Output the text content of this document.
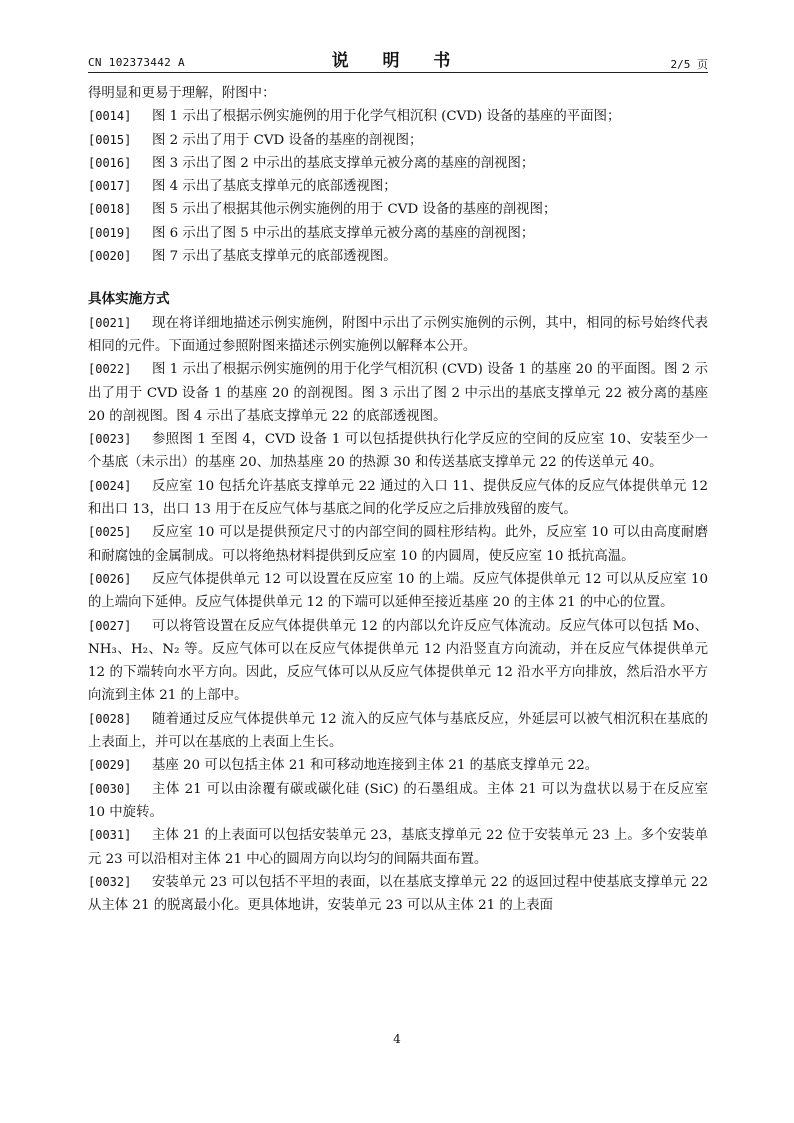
CN 102373442 A	说 明 书	2/5 页
得明显和更易于理解，附图中：
[0014]	图 1 示出了根据示例实施例的用于化学气相沉积 (CVD) 设备的基座的平面图；
[0015]	图 2 示出了用于 CVD 设备的基座的剖视图；
[0016]	图 3 示出了图 2 中示出的基底支撑单元被分离的基座的剖视图；
[0017]	图 4 示出了基底支撑单元的底部透视图；
[0018]	图 5 示出了根据其他示例实施例的用于 CVD 设备的基座的剖视图；
[0019]	图 6 示出了图 5 中示出的基底支撑单元被分离的基座的剖视图；
[0020]	图 7 示出了基底支撑单元的底部透视图。
具体实施方式
[0021]	现在将详细地描述示例实施例，附图中示出了示例实施例的示例，其中，相同的标号始终代表相同的元件。下面通过参照附图来描述示例实施例以解释本公开。
[0022]	图 1 示出了根据示例实施例的用于化学气相沉积 (CVD) 设备 1 的基座 20 的平面图。图 2 示出了用于 CVD 设备 1 的基座 20 的剖视图。图 3 示出了图 2 中示出的基底支撑单元 22 被分离的基座 20 的剖视图。图 4 示出了基底支撑单元 22 的底部透视图。
[0023]	参照图 1 至图 4，CVD 设备 1 可以包括提供执行化学反应的空间的反应室 10、安装至少一个基底（未示出）的基座 20、加热基座 20 的热源 30 和传送基底支撑单元 22 的传送单元 40。
[0024]	反应室 10 包括允许基底支撑单元 22 通过的入口 11、提供反应气体的反应气体提供单元 12 和出口 13，出口 13 用于在反应气体与基底之间的化学反应之后排放残留的废气。
[0025]	反应室 10 可以是提供预定尺寸的内部空间的圆柱形结构。此外，反应室 10 可以由高度耐磨和耐腐蚀的金属制成。可以将绝热材料提供到反应室 10 的内圆周，使反应室 10 抵抗高温。
[0026]	反应气体提供单元 12 可以设置在反应室 10 的上端。反应气体提供单元 12 可以从反应室 10 的上端向下延伸。反应气体提供单元 12 的下端可以延伸至接近基座 20 的主体 21 的中心的位置。
[0027]	可以将管设置在反应气体提供单元 12 的内部以允许反应气体流动。反应气体可以包括 Mo、NH₃、H₂、N₂ 等。反应气体可以在反应气体提供单元 12 内沿竖直方向流动，并在反应气体提供单元 12 的下端转向水平方向。因此，反应气体可以从反应气体提供单元 12 沿水平方向排放，然后沿水平方向流到主体 21 的上部中。
[0028]	随着通过反应气体提供单元 12 流入的反应气体与基底反应，外延层可以被气相沉积在基底的上表面上，并可以在基底的上表面上生长。
[0029]	基座 20 可以包括主体 21 和可移动地连接到主体 21 的基底支撑单元 22。
[0030]	主体 21 可以由涂覆有碳或碳化硅 (SiC) 的石墨组成。主体 21 可以为盘状以易于在反应室 10 中旋转。
[0031]	主体 21 的上表面可以包括安装单元 23，基底支撑单元 22 位于安装单元 23 上。多个安装单元 23 可以沿相对主体 21 中心的圆周方向以均匀的间隔共面布置。
[0032]	安装单元 23 可以包括不平坦的表面，以在基底支撑单元 22 的返回过程中使基底支撑单元 22 从主体 21 的脱离最小化。更具体地讲，安装单元 23 可以从主体 21 的上表面
4
